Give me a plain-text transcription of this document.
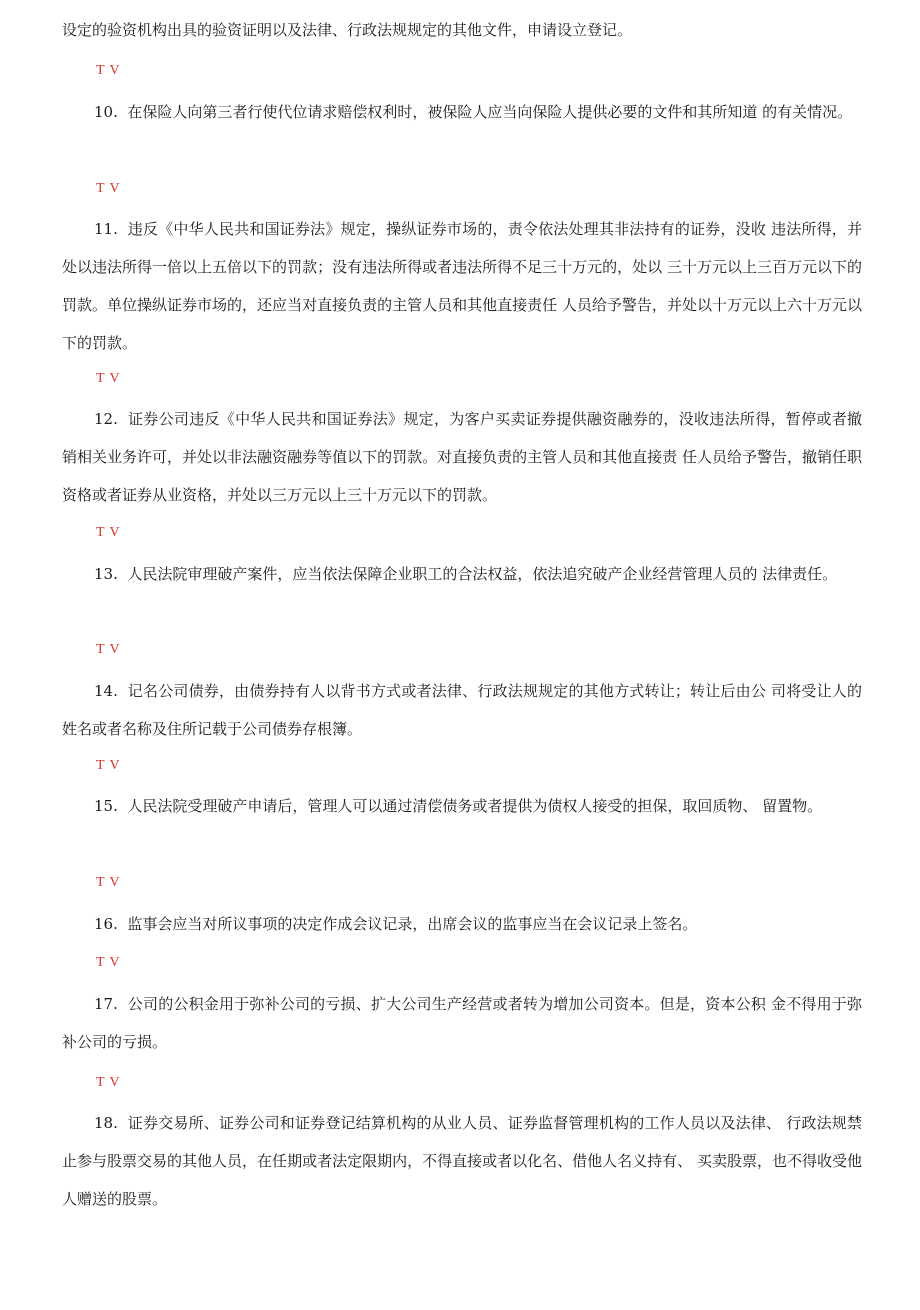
设定的验资机构出具的验资证明以及法律、行政法规规定的其他文件，申请设立登记。

T V

10. 在保险人向第三者行使代位请求赔偿权利时，被保险人应当向保险人提供必要的文件和其所知道 的有关情况。

T V

11. 违反《中华人民共和国证券法》规定，操纵证券市场的，责令依法处理其非法持有的证券，没收 违法所得，并处以违法所得一倍以上五倍以下的罚款；没有违法所得或者违法所得不足三十万元的，处以 三十万元以上三百万元以下的罚款。单位操纵证券市场的，还应当对直接负责的主管人员和其他直接责任 人员给予警告，并处以十万元以上六十万元以下的罚款。

T V

12. 证券公司违反《中华人民共和国证券法》规定，为客户买卖证券提供融资融券的，没收违法所得，暂停或者撤销相关业务许可，并处以非法融资融券等值以下的罚款。对直接负责的主管人员和其他直接责 任人员给予警告，撤销任职资格或者证券从业资格，并处以三万元以上三十万元以下的罚款。

T V

13. 人民法院审理破产案件，应当依法保障企业职工的合法权益，依法追究破产企业经营管理人员的 法律责任。

T V

14. 记名公司债券，由债券持有人以背书方式或者法律、行政法规规定的其他方式转让；转让后由公 司将受让人的姓名或者名称及住所记载于公司债券存根簿。

T V

15. 人民法院受理破产申请后，管理人可以通过清偿债务或者提供为债权人接受的担保，取回质物、 留置物。

T V

16. 监事会应当对所议事项的决定作成会议记录，出席会议的监事应当在会议记录上签名。

T V

17. 公司的公积金用于弥补公司的亏损、扩大公司生产经营或者转为增加公司资本。但是，资本公积 金不得用于弥补公司的亏损。

T V

18. 证券交易所、证券公司和证券登记结算机构的从业人员、证券监督管理机构的工作人员以及法律、 行政法规禁止参与股票交易的其他人员，在任期或者法定限期内，不得直接或者以化名、借他人名义持有、 买卖股票，也不得收受他人赠送的股票。
